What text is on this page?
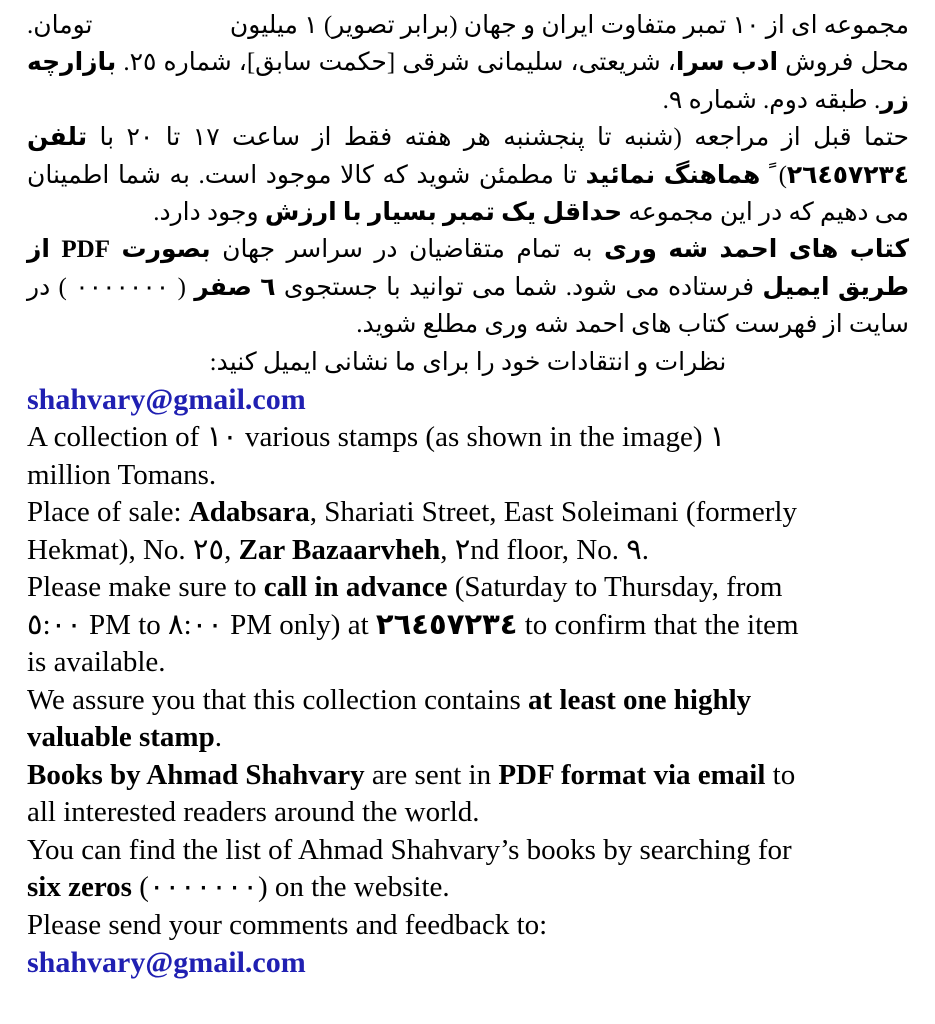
مجموعه ای از ١٠ تمبر متفاوت ایران و جهان (برابر تصویر) ١ میلیون
تومان.
محل فروش ادب سرا، شریعتی، سلیمانی شرقی [حکمت سابق]، شماره ٢٥. بازارچه
زر. طبقه دوم. شماره ٩.
حتما قبل از مراجعه (شنبه تا پنجشنبه هر هفته فقط از ساعت ١٧ تا ٢٠ با تلفن
٢٦٤٥٧٢٣٤) ً هماهنگ نمائید تا مطمئن شوید که کالا موجود است. به شما اطمینان
می دهیم که در این مجموعه حداقل یک تمبر بسیار با ارزش وجود دارد.
کتاب های احمد شه وری به تمام متقاضیان در سراسر جهان بصورت PDF از
طریق ایمیل فرستاده می شود. شما می توانید با جستجوی ٦ صفر ( ٠٠٠٠٠٠٠ ) در
سایت از فهرست کتاب های احمد شه وری مطلع شوید.
نظرات و انتقادات خود را برای ما نشانی ایمیل کنید:
shahvary@gmail.com
A collection of ١٠ various stamps (as shown in the image) ١
million Tomans.
Place of sale: Adabsara, Shariati Street, East Soleimani (formerly
Hekmat), No. ٢٥, Zar Bazaarvheh, ٢nd floor, No. ٩.
Please make sure to call in advance (Saturday to Thursday, from
٥:٠٠ PM to ٨:٠٠ PM only) at ٢٦٤٥٧٢٣٤ to confirm that the item
is available.
We assure you that this collection contains at least one highly
valuable stamp.
Books by Ahmad Shahvary are sent in PDF format via email to
all interested readers around the world.
You can find the list of Ahmad Shahvary’s books by searching for
six zeros (٠٠٠٠٠٠٠) on the website.
Please send your comments and feedback to:
shahvary@gmail.com
